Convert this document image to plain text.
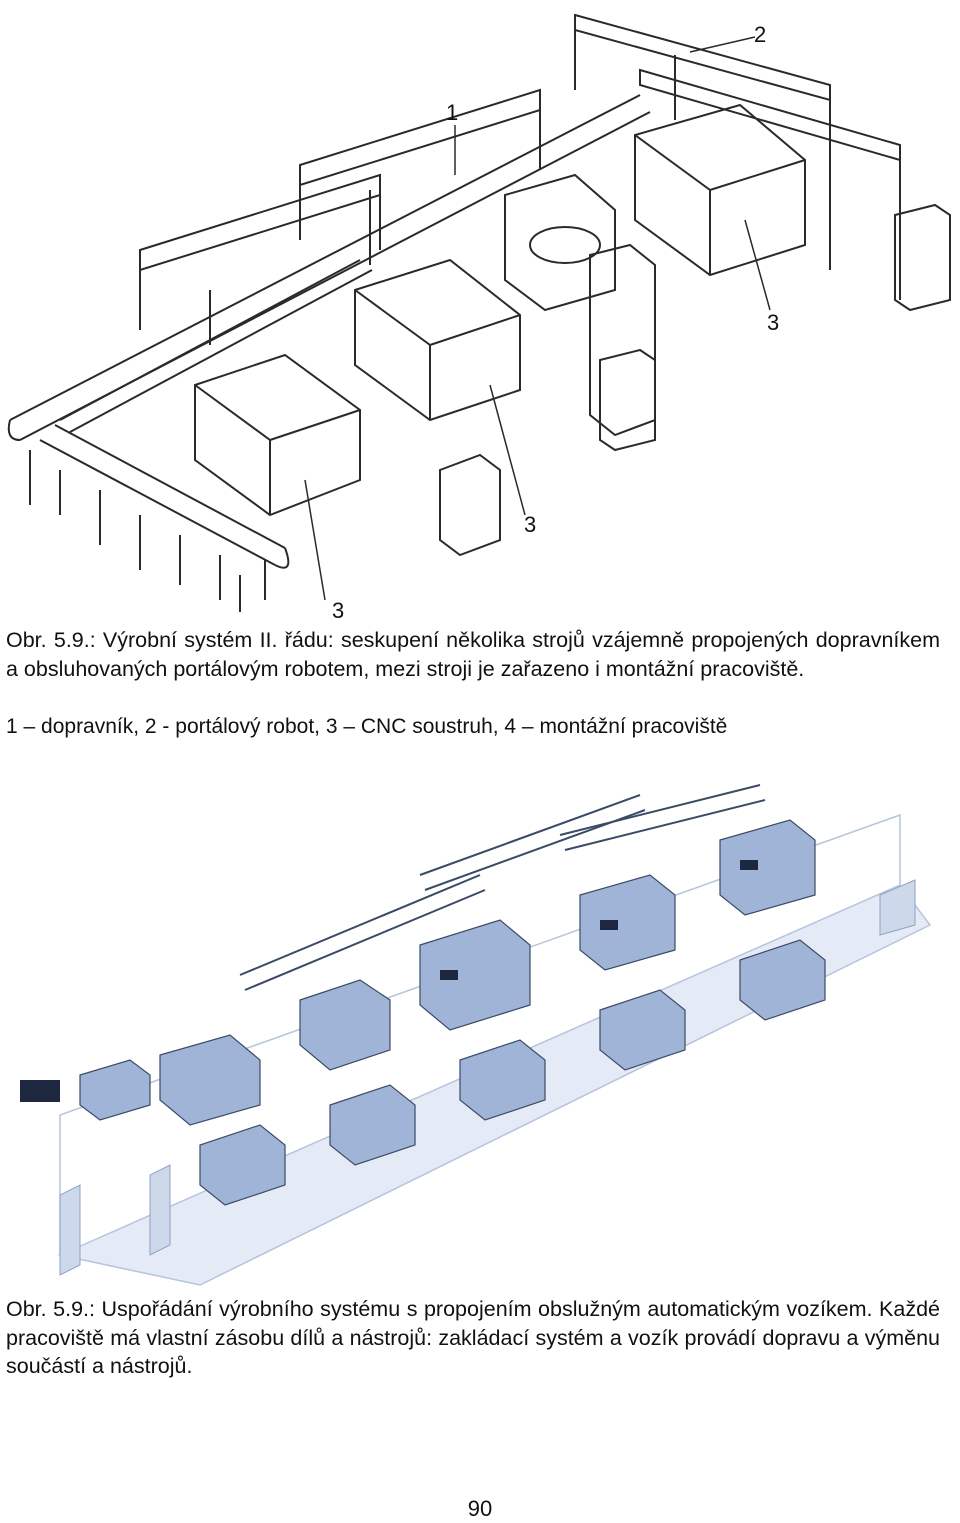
1
2
3
3
3

Obr. 5.9.: Výrobní systém II. řádu: seskupení několika strojů vzájemně propojených dopravníkem a obsluhovaných portálovým robotem, mezi stroji je zařazeno i montážní pracoviště.

1 – dopravník, 2 - portálový robot, 3 – CNC soustruh, 4 – montážní pracoviště

Obr. 5.9.: Uspořádání výrobního systému s propojením obslužným automatickým vozíkem. Každé pracoviště má vlastní zásobu dílů a nástrojů: zakládací systém a vozík provádí dopravu a výměnu součástí a nástrojů.

90
